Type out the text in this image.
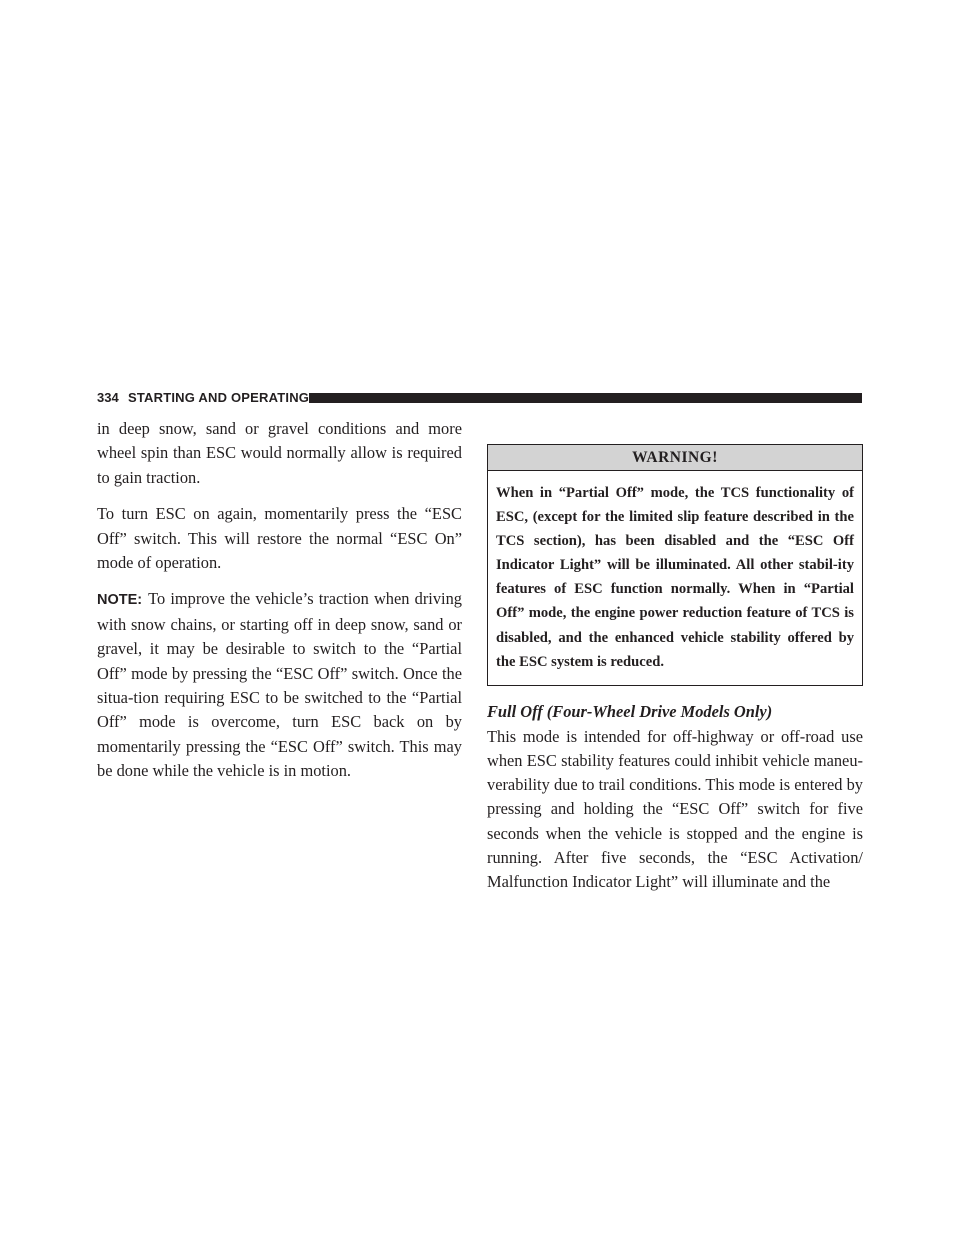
334 STARTING AND OPERATING

in deep snow, sand or gravel conditions and more wheel spin than ESC would normally allow is required to gain traction.

To turn ESC on again, momentarily press the “ESC Off” switch. This will restore the normal “ESC On” mode of operation.

NOTE: To improve the vehicle’s traction when driving with snow chains, or starting off in deep snow, sand or gravel, it may be desirable to switch to the “Partial Off” mode by pressing the “ESC Off” switch. Once the situa-tion requiring ESC to be switched to the “Partial Off” mode is overcome, turn ESC back on by momentarily pressing the “ESC Off” switch. This may be done while the vehicle is in motion.

WARNING!
When in “Partial Off” mode, the TCS functionality of ESC, (except for the limited slip feature described in the TCS section), has been disabled and the “ESC Off Indicator Light” will be illuminated. All other stabil-ity features of ESC function normally. When in “Partial Off” mode, the engine power reduction feature of TCS is disabled, and the enhanced vehicle stability offered by the ESC system is reduced.

Full Off (Four-Wheel Drive Models Only)

This mode is intended for off-highway or off-road use when ESC stability features could inhibit vehicle maneu-verability due to trail conditions. This mode is entered by pressing and holding the “ESC Off” switch for five seconds when the vehicle is stopped and the engine is running. After five seconds, the “ESC Activation/ Malfunction Indicator Light” will illuminate and the
